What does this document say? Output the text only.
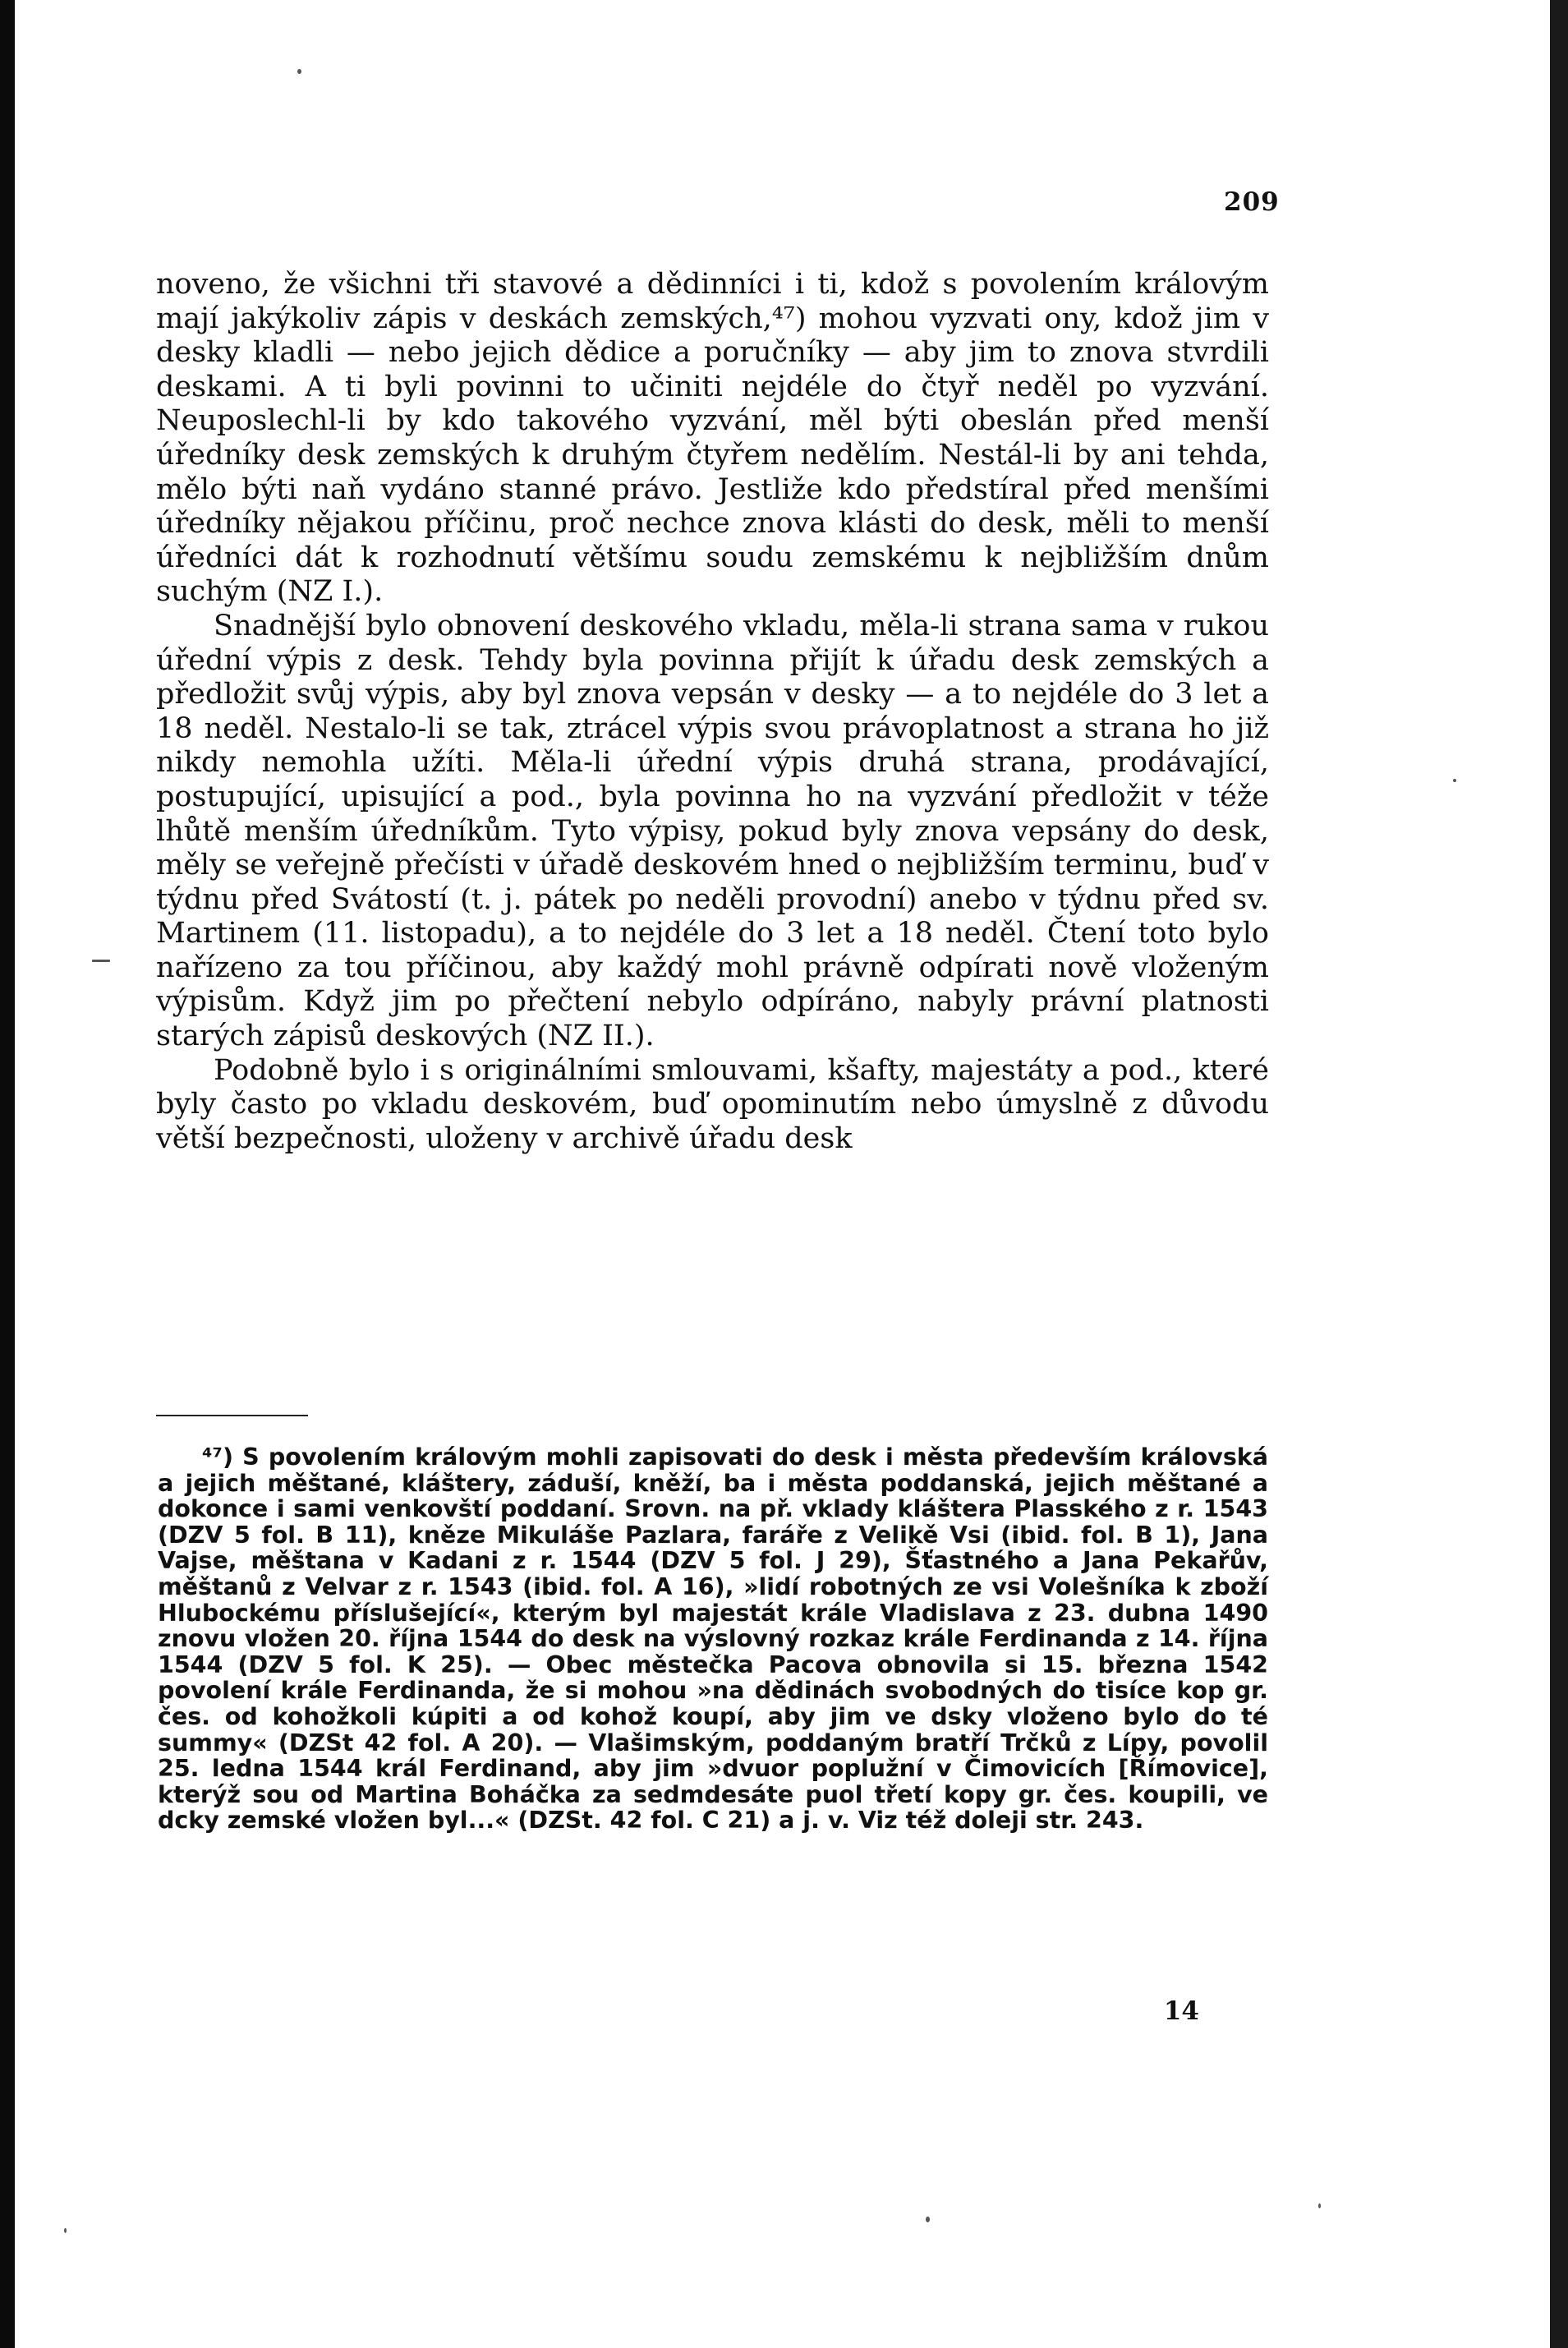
209

noveno, že všichni tři stavové a dědinníci i ti, kdož s povolením královým mají jakýkoliv zápis v deskách zemských,⁴⁷) mohou vyzvati ony, kdož jim v desky kladli — nebo jejich dědice a poručníky — aby jim to znova stvrdili deskami. A ti byli povinni to učiniti nejdéle do čtyř neděl po vyzvání. Neuposlechl-li by kdo takového vyzvání, měl býti obeslán před menší úředníky desk zemských k druhým čtyřem nedělím. Nestál-li by ani tehda, mělo býti naň vydáno stanné právo. Jestliže kdo předstíral před menšími úředníky nějakou příčinu, proč nechce znova klásti do desk, měli to menší úředníci dát k rozhodnutí většímu soudu zemskému k nejbližším dnům suchým (NZ I.).

Snadnější bylo obnovení deskového vkladu, měla-li strana sama v rukou úřední výpis z desk. Tehdy byla povinna přijít k úřadu desk zemských a předložit svůj výpis, aby byl znova vepsán v desky — a to nejdéle do 3 let a 18 neděl. Nestalo-li se tak, ztrácel výpis svou právoplatnost a strana ho již nikdy nemohla užíti. Měla-li úřední výpis druhá strana, prodávající, postupující, upisující a pod., byla povinna ho na vyzvání předložit v téže lhůtě menším úředníkům. Tyto výpisy, pokud byly znova vepsány do desk, měly se veřejně přečísti v úřadě deskovém hned o nejbližším terminu, buď v týdnu před Svátostí (t. j. pátek po neděli provodní) anebo v týdnu před sv. Martinem (11. listopadu), a to nejdéle do 3 let a 18 neděl. Čtení toto bylo nařízeno za tou příčinou, aby každý mohl právně odpírati nově vloženým výpisům. Když jim po přečtení nebylo odpíráno, nabyly právní platnosti starých zápisů deskových (NZ II.).

Podobně bylo i s originálními smlouvami, kšafty, majestáty a pod., které byly často po vkladu deskovém, buď opominutím nebo úmyslně z důvodu větší bezpečnosti, uloženy v archivě úřadu desk

⁴⁷) S povolením královým mohli zapisovati do desk i města především královská a jejich měštané, kláštery, záduší, kněží, ba i města poddanská, jejich měštané a dokonce i sami venkovští poddaní. Srovn. na př. vklady kláštera Plasského z r. 1543 (DZV 5 fol. B 11), kněze Mikuláše Pazlara, faráře z Velikě Vsi (ibid. fol. B 1), Jana Vajse, měštana v Kadani z r. 1544 (DZV 5 fol. J 29), Šťastného a Jana Pekařův, měštanů z Velvar z r. 1543 (ibid. fol. A 16), »lidí robotných ze vsi Volešníka k zboží Hlubockému příslušející«, kterým byl majestát krále Vladislava z 23. dubna 1490 znovu vložen 20. října 1544 do desk na výslovný rozkaz krále Ferdinanda z 14. října 1544 (DZV 5 fol. K 25). — Obec městečka Pacova obnovila si 15. března 1542 povolení krále Ferdinanda, že si mohou »na dědinách svobodných do tisíce kop gr. čes. od kohožkoli kúpiti a od kohož koupí, aby jim ve dsky vloženo bylo do té summy« (DZSt 42 fol. A 20). — Vlašimským, poddaným bratří Trčků z Lípy, povolil 25. ledna 1544 král Ferdinand, aby jim »dvuor poplužní v Čimovicích [Římovice], kterýž sou od Martina Boháčka za sedmdesáte puol třetí kopy gr. čes. koupili, ve dcky zemské vložen byl...« (DZSt. 42 fol. C 21) a j. v. Viz též doleji str. 243.

14
